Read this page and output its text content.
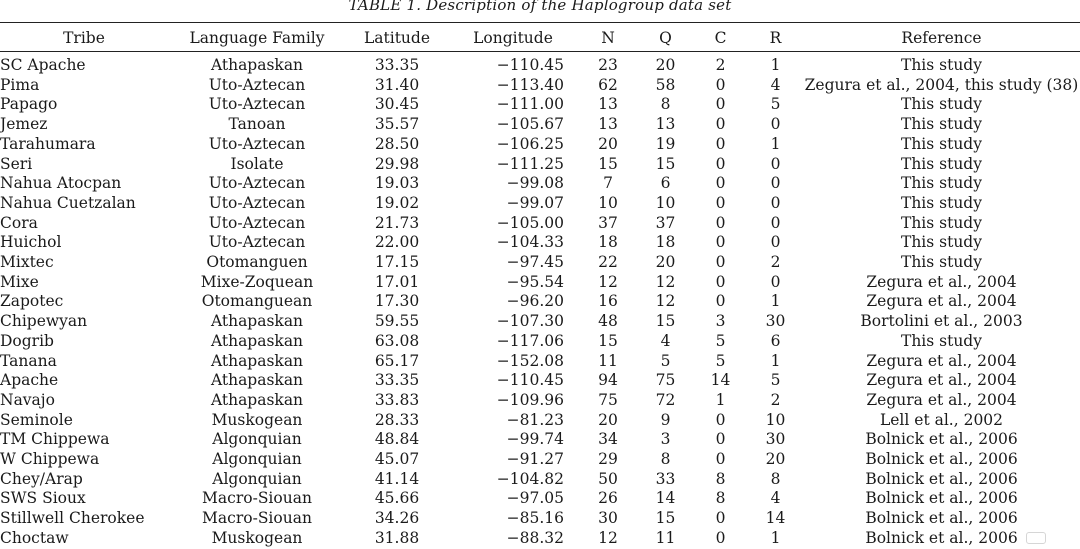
TABLE 1. Description of the Haplogroup data set
Tribe	Language Family	Latitude	Longitude	N	Q	C	R	Reference

SC Apache	Athapaskan	33.35	−110.45	23	20	2	1	This study
Pima	Uto-Aztecan	31.40	−113.40	62	58	0	4	Zegura et al., 2004, this study (38)
Papago	Uto-Aztecan	30.45	−111.00	13	8	0	5	This study
Jemez	Tanoan	35.57	−105.67	13	13	0	0	This study
Tarahumara	Uto-Aztecan	28.50	−106.25	20	19	0	1	This study
Seri	Isolate	29.98	−111.25	15	15	0	0	This study
Nahua Atocpan	Uto-Aztecan	19.03	−99.08	7	6	0	0	This study
Nahua Cuetzalan	Uto-Aztecan	19.02	−99.07	10	10	0	0	This study
Cora	Uto-Aztecan	21.73	−105.00	37	37	0	0	This study
Huichol	Uto-Aztecan	22.00	−104.33	18	18	0	0	This study
Mixtec	Otomanguen	17.15	−97.45	22	20	0	2	This study
Mixe	Mixe-Zoquean	17.01	−95.54	12	12	0	0	Zegura et al., 2004
Zapotec	Otomanguean	17.30	−96.20	16	12	0	1	Zegura et al., 2004
Chipewyan	Athapaskan	59.55	−107.30	48	15	3	30	Bortolini et al., 2003
Dogrib	Athapaskan	63.08	−117.06	15	4	5	6	This study
Tanana	Athapaskan	65.17	−152.08	11	5	5	1	Zegura et al., 2004
Apache	Athapaskan	33.35	−110.45	94	75	14	5	Zegura et al., 2004
Navajo	Athapaskan	33.83	−109.96	75	72	1	2	Zegura et al., 2004
Seminole	Muskogean	28.33	−81.23	20	9	0	10	Lell et al., 2002
TM Chippewa	Algonquian	48.84	−99.74	34	3	0	30	Bolnick et al., 2006
W Chippewa	Algonquian	45.07	−91.27	29	8	0	20	Bolnick et al., 2006
Chey/Arap	Algonquian	41.14	−104.82	50	33	8	8	Bolnick et al., 2006
SWS Sioux	Macro-Siouan	45.66	−97.05	26	14	8	4	Bolnick et al., 2006
Stillwell Cherokee	Macro-Siouan	34.26	−85.16	30	15	0	14	Bolnick et al., 2006
Choctaw	Muskogean	31.88	−88.32	12	11	0	1	Bolnick et al., 2006
